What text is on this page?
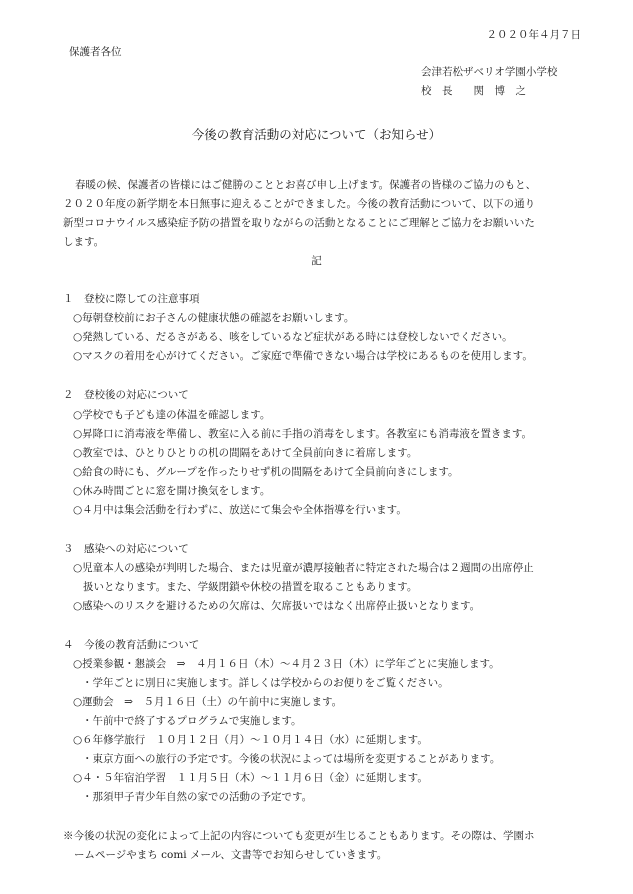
２０２０年４月７日
保護者各位
会津若松ザベリオ学園小学校
校　長　　関　博　之
今後の教育活動の対応について（お知らせ）
春暖の候、保護者の皆様にはご健勝のこととお喜び申し上げます。保護者の皆様のご協力のもと、
２０２０年度の新学期を本日無事に迎えることができました。今後の教育活動について、以下の通り
新型コロナウイルス感染症予防の措置を取りながらの活動となることにご理解とご協力をお願いいた
します。
記
１　登校に際しての注意事項
○毎朝登校前にお子さんの健康状態の確認をお願いします。
○発熱している、だるさがある、咳をしているなど症状がある時には登校しないでください。
○マスクの着用を心がけてください。ご家庭で準備できない場合は学校にあるものを使用します。
２　登校後の対応について
○学校でも子ども達の体温を確認します。
○昇降口に消毒液を準備し、教室に入る前に手指の消毒をします。各教室にも消毒液を置きます。
○教室では、ひとりひとりの机の間隔をあけて全員前向きに着席します。
○給食の時にも、グループを作ったりせず机の間隔をあけて全員前向きにします。
○休み時間ごとに窓を開け換気をします。
○４月中は集会活動を行わずに、放送にて集会や全体指導を行います。
３　感染への対応について
○児童本人の感染が判明した場合、または児童が濃厚接触者に特定された場合は２週間の出席停止
扱いとなります。また、学級閉鎖や休校の措置を取ることもあります。
○感染へのリスクを避けるための欠席は、欠席扱いではなく出席停止扱いとなります。
４　今後の教育活動について
○授業参観・懇談会　⇒　４月１６日（木）～４月２３日（木）に学年ごとに実施します。
・学年ごとに別日に実施します。詳しくは学校からのお便りをご覧ください。
○運動会　⇒　５月１６日（土）の午前中に実施します。
・午前中で終了するプログラムで実施します。
○６年修学旅行　１０月１２日（月）～１０月１４日（水）に延期します。
・東京方面への旅行の予定です。今後の状況によっては場所を変更することがあります。
○４・５年宿泊学習　１１月５日（木）～１１月６日（金）に延期します。
・那須甲子青少年自然の家での活動の予定です。
※今後の状況の変化によって上記の内容についても変更が生じることもあります。その際は、学園ホ
ームページやまち comi メール、文書等でお知らせしていきます。
